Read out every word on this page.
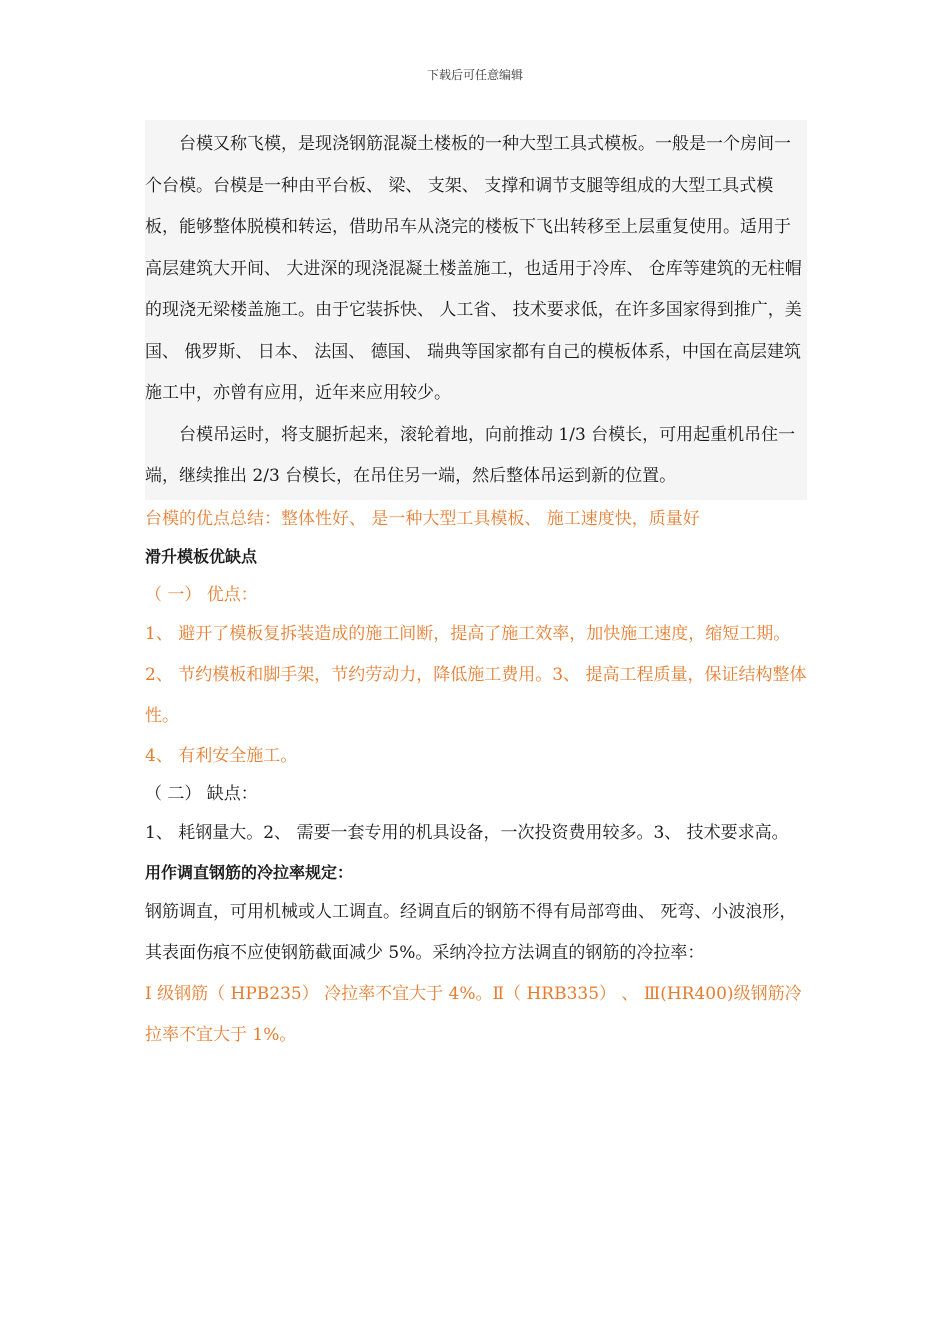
下载后可任意编辑

台模又称飞模，是现浇钢筋混凝土楼板的一种大型工具式模板。一般是一个房间一个台模。台模是一种由平台板、 梁、 支架、 支撑和调节支腿等组成的大型工具式模板，能够整体脱模和转运，借助吊车从浇完的楼板下飞出转移至上层重复使用。适用于高层建筑大开间、 大进深的现浇混凝土楼盖施工，也适用于冷库、 仓库等建筑的无柱帽的现浇无梁楼盖施工。由于它装拆快、 人工省、 技术要求低，在许多国家得到推广，美国、 俄罗斯、 日本、 法国、 德国、 瑞典等国家都有自己的模板体系，中国在高层建筑施工中，亦曾有应用，近年来应用较少。

台模吊运时，将支腿折起来，滚轮着地，向前推动 1/3 台模长，可用起重机吊住一端，继续推出 2/3 台模长，在吊住另一端，然后整体吊运到新的位置。

台模的优点总结：整体性好、 是一种大型工具模板、 施工速度快，质量好

滑升模板优缺点

（ 一） 优点：

1、 避开了模板复拆装造成的施工间断，提高了施工效率，加快施工速度，缩短工期。

2、 节约模板和脚手架，节约劳动力，降低施工费用。3、 提高工程质量，保证结构整体性。

4、 有利安全施工。

（ 二） 缺点：

1、 耗钢量大。2、 需要一套专用的机具设备，一次投资费用较多。3、 技术要求高。

用作调直钢筋的冷拉率规定：

钢筋调直，可用机械或人工调直。经调直后的钢筋不得有局部弯曲、 死弯、小波浪形，其表面伤痕不应使钢筋截面减少 5%。采纳冷拉方法调直的钢筋的冷拉率：

Ⅰ 级钢筋（ HPB235） 冷拉率不宜大于 4%。Ⅱ（ HRB335） 、 Ⅲ(HR400)级钢筋冷拉率不宜大于 1%。
